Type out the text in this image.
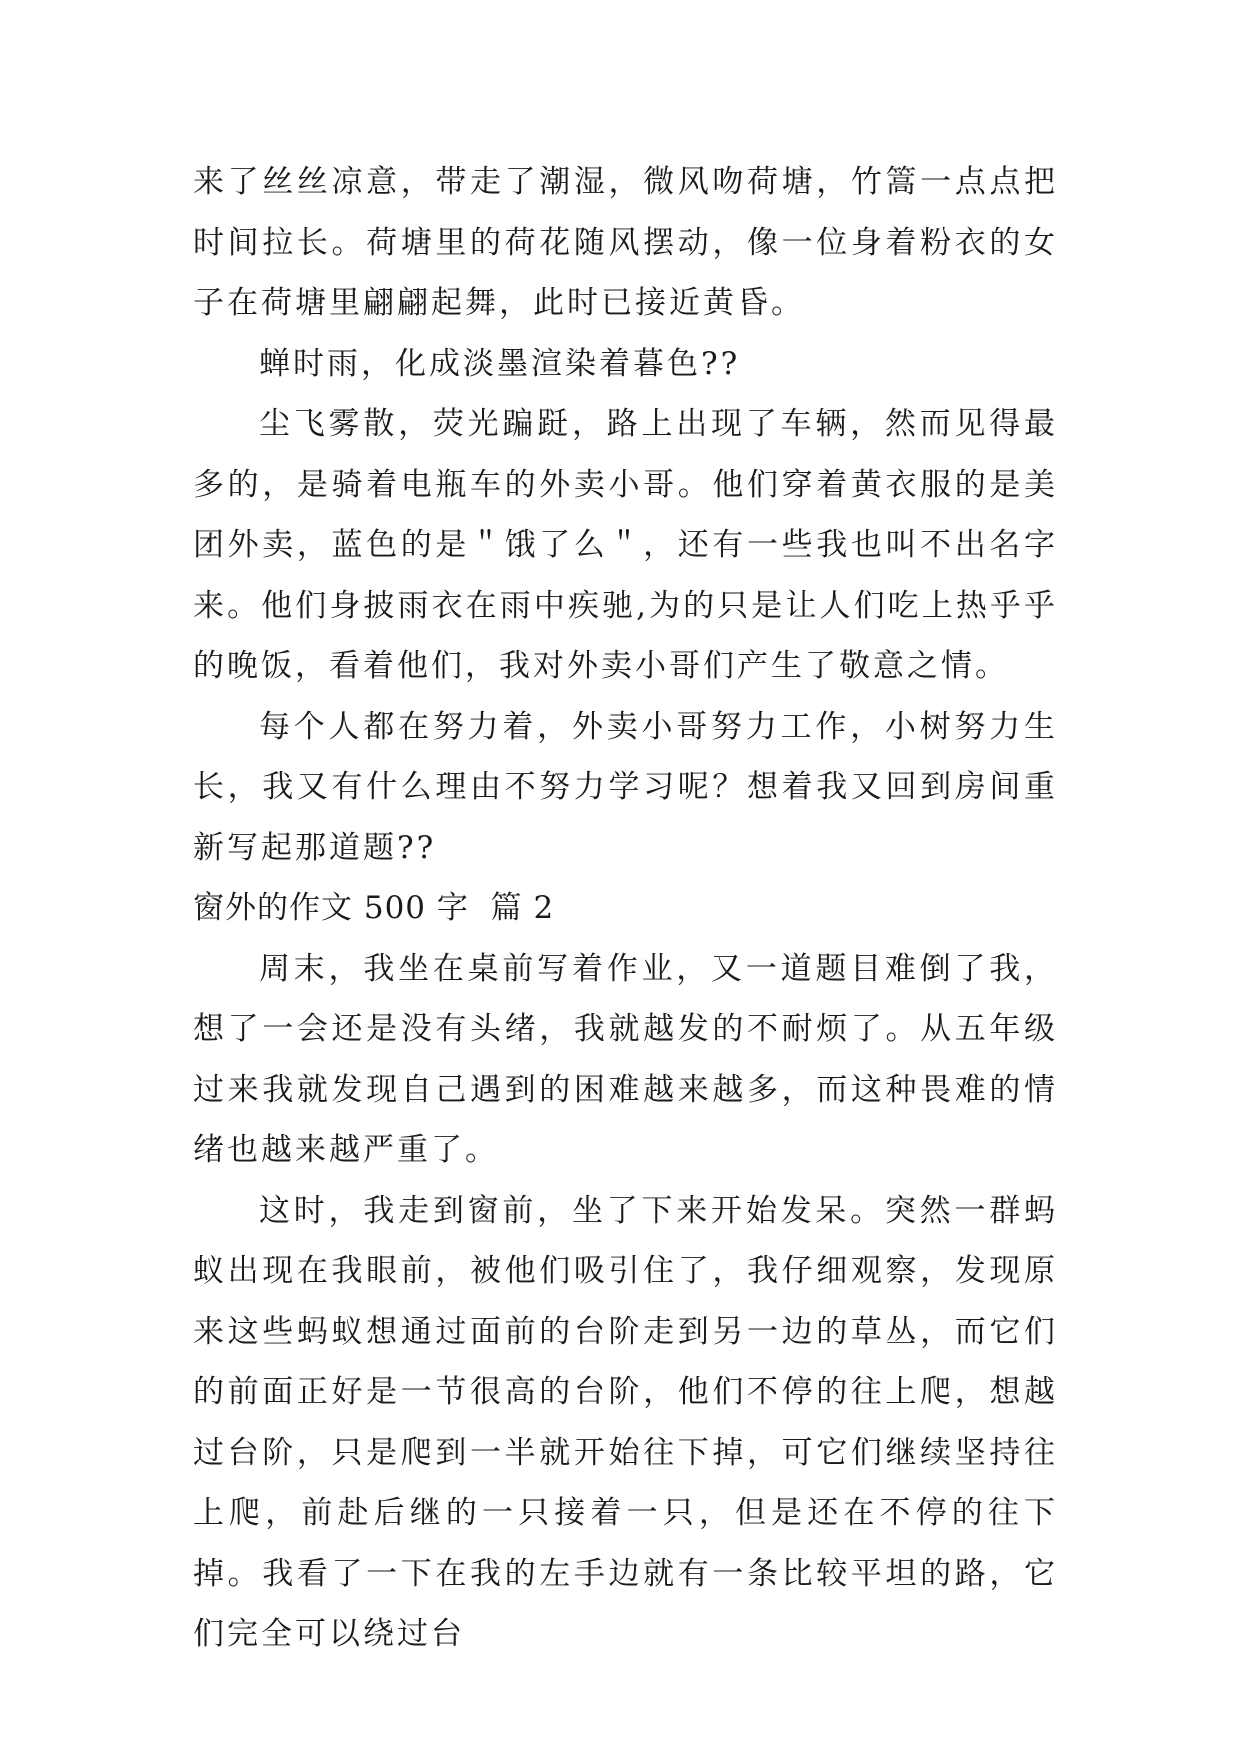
来了丝丝凉意，带走了潮湿，微风吻荷塘，竹篙一点点把时间拉长。荷塘里的荷花随风摆动，像一位身着粉衣的女子在荷塘里翩翩起舞，此时已接近黄昏。

蝉时雨，化成淡墨渲染着暮色??

尘飞雾散，荧光蹁跹，路上出现了车辆，然而见得最多的，是骑着电瓶车的外卖小哥。他们穿着黄衣服的是美团外卖，蓝色的是＂饿了么＂，还有一些我也叫不出名字来。他们身披雨衣在雨中疾驰,为的只是让人们吃上热乎乎的晚饭，看着他们，我对外卖小哥们产生了敬意之情。

每个人都在努力着，外卖小哥努力工作，小树努力生长，我又有什么理由不努力学习呢？想着我又回到房间重新写起那道题??

窗外的作文 500 字  篇 2

周末，我坐在桌前写着作业，又一道题目难倒了我，想了一会还是没有头绪，我就越发的不耐烦了。从五年级过来我就发现自己遇到的困难越来越多，而这种畏难的情绪也越来越严重了。

这时，我走到窗前，坐了下来开始发呆。突然一群蚂蚁出现在我眼前，被他们吸引住了，我仔细观察，发现原来这些蚂蚁想通过面前的台阶走到另一边的草丛，而它们的前面正好是一节很高的台阶，他们不停的往上爬，想越过台阶，只是爬到一半就开始往下掉，可它们继续坚持往上爬，前赴后继的一只接着一只，但是还在不停的往下掉。我看了一下在我的左手边就有一条比较平坦的路，它们完全可以绕过台
